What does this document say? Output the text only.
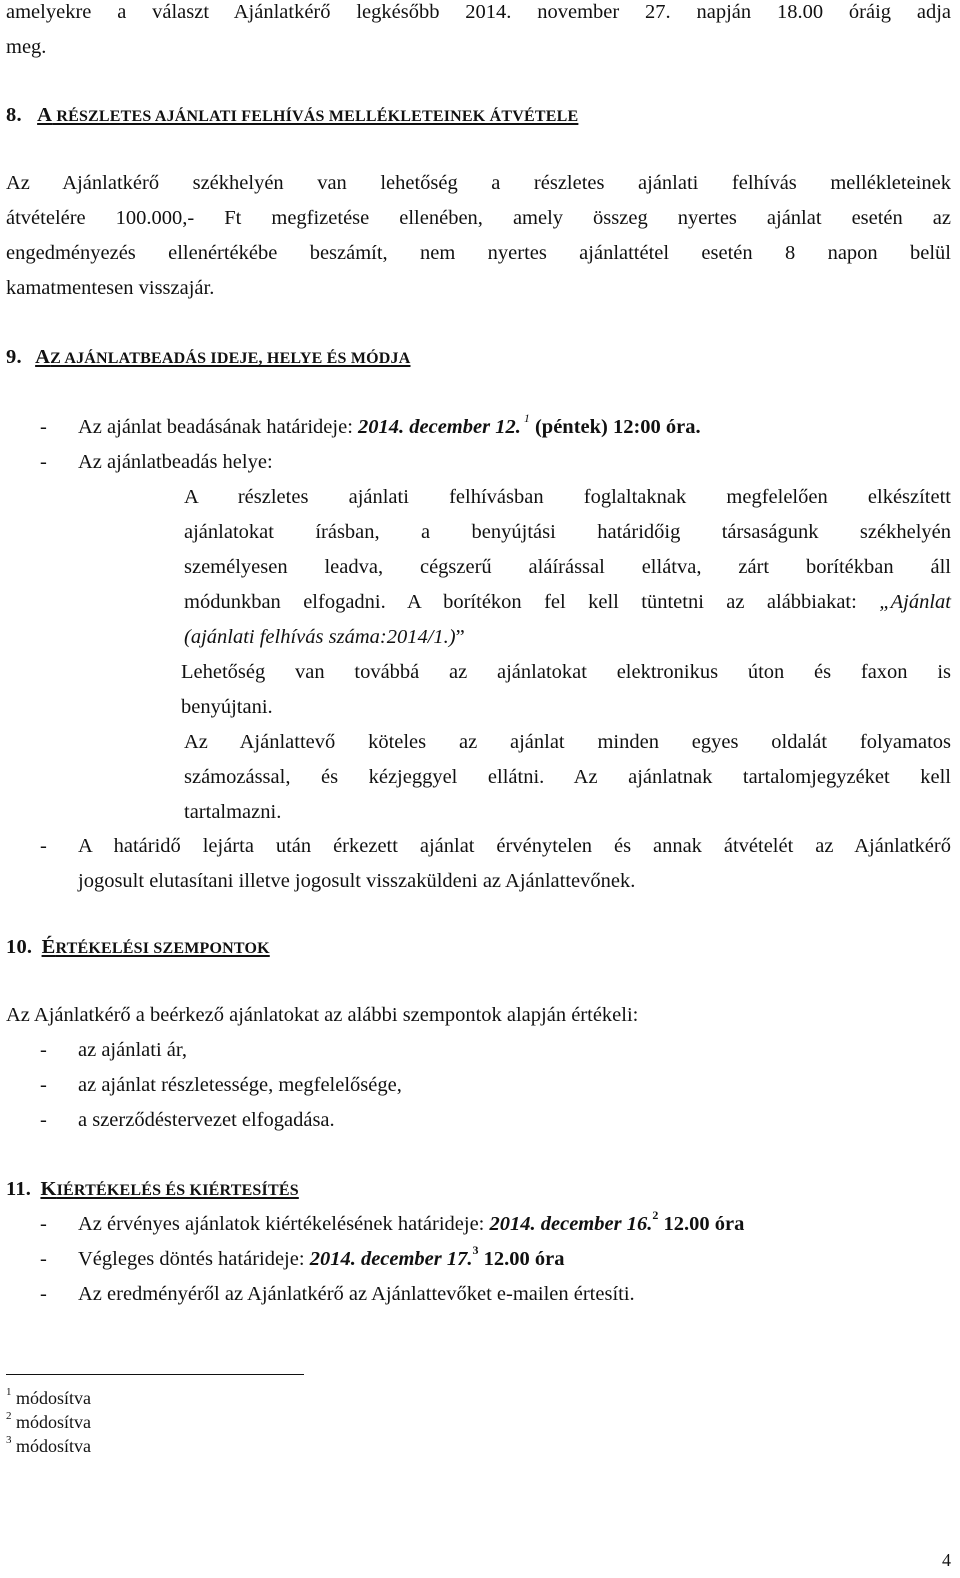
amelyekre a választ Ajánlatkérő legkésőbb 2014. november 27. napján 18.00 óráig adja
meg.
8. A RÉSZLETES AJÁNLATI FELHÍVÁS MELLÉKLETEINEK ÁTVÉTELE
Az Ajánlatkérő székhelyén van lehetőség a részletes ajánlati felhívás mellékleteinek
átvételére 100.000,- Ft megfizetése ellenében, amely összeg nyertes ajánlat esetén az
engedményezés ellenértékébe beszámít, nem nyertes ajánlattétel esetén 8 napon belül
kamatmentesen visszajár.
9. AZ AJÁNLATBEADÁS IDEJE, HELYE ÉS MÓDJA
- Az ajánlat beadásának határideje: 2014. december 12. $^1$ (péntek) 12:00 óra.
- Az ajánlatbeadás helye:
A részletes ajánlati felhívásban foglaltaknak megfelelően elkészített
ajánlatokat írásban, a benyújtási határidőig társaságunk székhelyén
személyesen leadva, cégszerű aláírással ellátva, zárt borítékban áll
módunkban elfogadni. A borítékon fel kell tüntetni az alábbiakat: „Ajánlat
(ajánlati felhívás száma:2014/1.)”
Lehetőség van továbbá az ajánlatokat elektronikus úton és faxon is
benyújtani.
Az Ajánlattevő köteles az ajánlat minden egyes oldalát folyamatos
számozással, és kézjeggyel ellátni. Az ajánlatnak tartalomjegyzéket kell
tartalmazni.
- A határidő lejárta után érkezett ajánlat érvénytelen és annak átvételét az Ajánlatkérő
jogosult elutasítani illetve jogosult visszaküldeni az Ajánlattevőnek.
10. ÉRTÉKELÉSI SZEMPONTOK
Az Ajánlatkérő a beérkező ajánlatokat az alábbi szempontok alapján értékeli:
- az ajánlati ár,
- az ajánlat részletessége, megfelelősége,
- a szerződéstervezet elfogadása.
11. KIÉRTÉKELÉS ÉS KIÉRTESÍTÉS
- Az érvényes ajánlatok kiértékelésének határideje: 2014. december 16.$^2$ 12.00 óra
- Végleges döntés határideje: 2014. december 17.$^3$ 12.00 óra
- Az eredményéről az Ajánlatkérő az Ajánlattevőket e-mailen értesíti.
$^1$ módosítva
$^2$ módosítva
$^3$ módosítva
4
